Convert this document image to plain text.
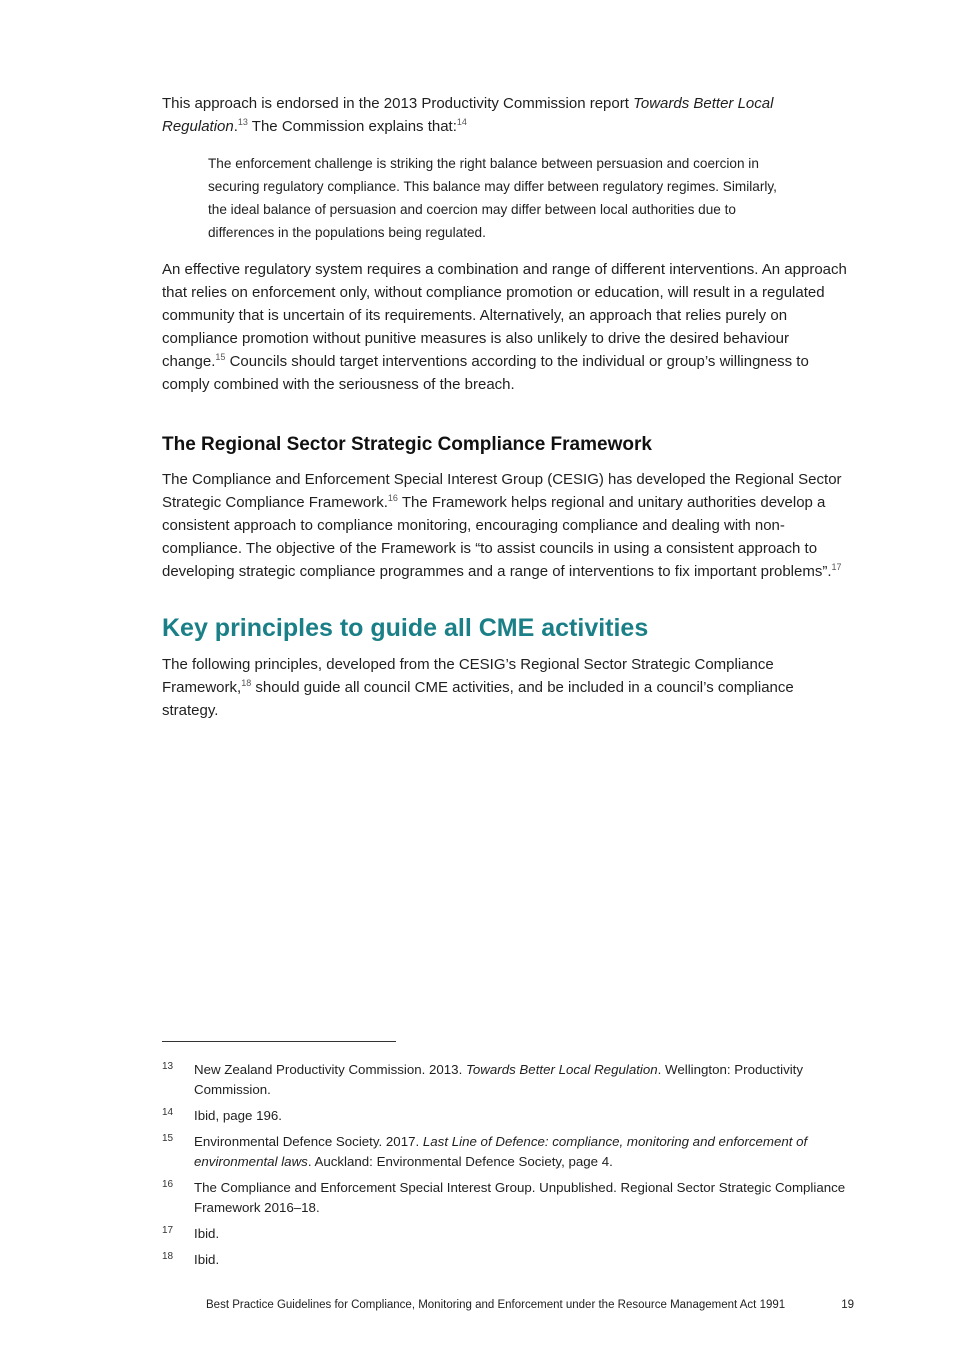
This approach is endorsed in the 2013 Productivity Commission report Towards Better Local Regulation.$^{13}$ The Commission explains that:$^{14}$

The enforcement challenge is striking the right balance between persuasion and coercion in securing regulatory compliance. This balance may differ between regulatory regimes. Similarly, the ideal balance of persuasion and coercion may differ between local authorities due to differences in the populations being regulated.

An effective regulatory system requires a combination and range of different interventions. An approach that relies on enforcement only, without compliance promotion or education, will result in a regulated community that is uncertain of its requirements. Alternatively, an approach that relies purely on compliance promotion without punitive measures is also unlikely to drive the desired behaviour change.$^{15}$ Councils should target interventions according to the individual or group’s willingness to comply combined with the seriousness of the breach.

The Regional Sector Strategic Compliance Framework

The Compliance and Enforcement Special Interest Group (CESIG) has developed the Regional Sector Strategic Compliance Framework.$^{16}$ The Framework helps regional and unitary authorities develop a consistent approach to compliance monitoring, encouraging compliance and dealing with non-compliance. The objective of the Framework is “to assist councils in using a consistent approach to developing strategic compliance programmes and a range of interventions to fix important problems”.$^{17}$

Key principles to guide all CME activities

The following principles, developed from the CESIG’s Regional Sector Strategic Compliance Framework,$^{18}$ should guide all council CME activities, and be included in a council’s compliance strategy.

13	New Zealand Productivity Commission. 2013. Towards Better Local Regulation. Wellington: Productivity Commission.
14	Ibid, page 196.
15	Environmental Defence Society. 2017. Last Line of Defence: compliance, monitoring and enforcement of environmental laws. Auckland: Environmental Defence Society, page 4.
16	The Compliance and Enforcement Special Interest Group. Unpublished. Regional Sector Strategic Compliance Framework 2016–18.
17	Ibid.
18	Ibid.
Best Practice Guidelines for Compliance, Monitoring and Enforcement under the Resource Management Act 1991	19
